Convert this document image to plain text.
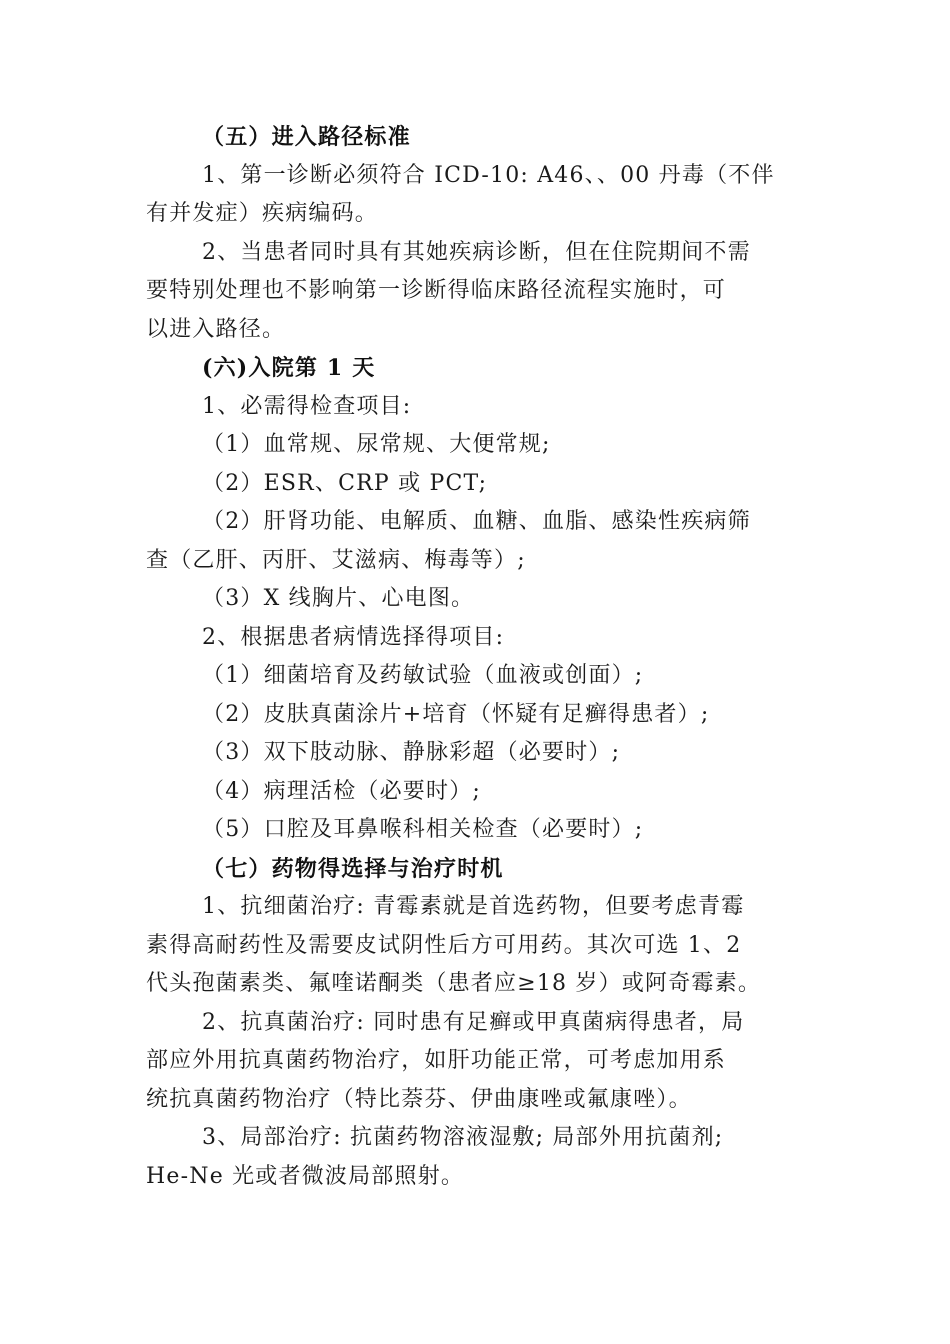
（五）进入路径标准
1、第一诊断必须符合 ICD-10: A46、、00 丹毒（不伴
有并发症）疾病编码。
2、当患者同时具有其她疾病诊断，但在住院期间不需
要特别处理也不影响第一诊断得临床路径流程实施时，可
以进入路径。
(六)入院第 1 天
1、必需得检查项目:
（1）血常规、尿常规、大便常规;
（2）ESR、CRP 或 PCT;
（2）肝肾功能、电解质、血糖、血脂、感染性疾病筛
查（乙肝、丙肝、艾滋病、梅毒等）;
（3）X 线胸片、心电图。
2、根据患者病情选择得项目:
（1）细菌培育及药敏试验（血液或创面）;
（2）皮肤真菌涂片+培育（怀疑有足癣得患者）;
（3）双下肢动脉、静脉彩超（必要时）;
（4）病理活检（必要时）;
（5）口腔及耳鼻喉科相关检查（必要时）;
（七）药物得选择与治疗时机
1、抗细菌治疗: 青霉素就是首选药物，但要考虑青霉
素得高耐药性及需要皮试阴性后方可用药。其次可选 1、2
代头孢菌素类、氟喹诺酮类（患者应≥18 岁）或阿奇霉素。
2、抗真菌治疗: 同时患有足癣或甲真菌病得患者，局
部应外用抗真菌药物治疗，如肝功能正常，可考虑加用系
统抗真菌药物治疗（特比萘芬、伊曲康唑或氟康唑）。
3、局部治疗: 抗菌药物溶液湿敷; 局部外用抗菌剂;
He-Ne 光或者微波局部照射。
